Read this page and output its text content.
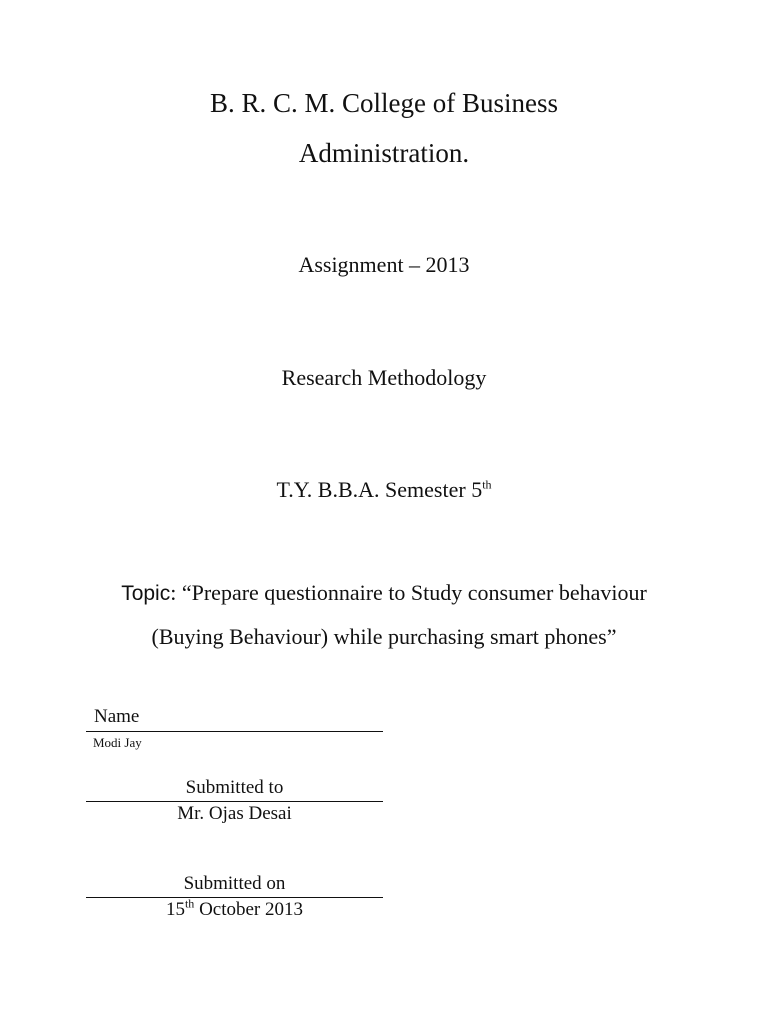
B. R. C. M. College of Business
Administration.
Assignment – 2013
Research Methodology
T.Y. B.B.A. Semester 5th
Topic: “Prepare questionnaire to Study consumer behaviour
(Buying Behaviour) while purchasing smart phones”
Name
Modi Jay
Submitted to
Mr. Ojas Desai
Submitted on
15th October 2013
